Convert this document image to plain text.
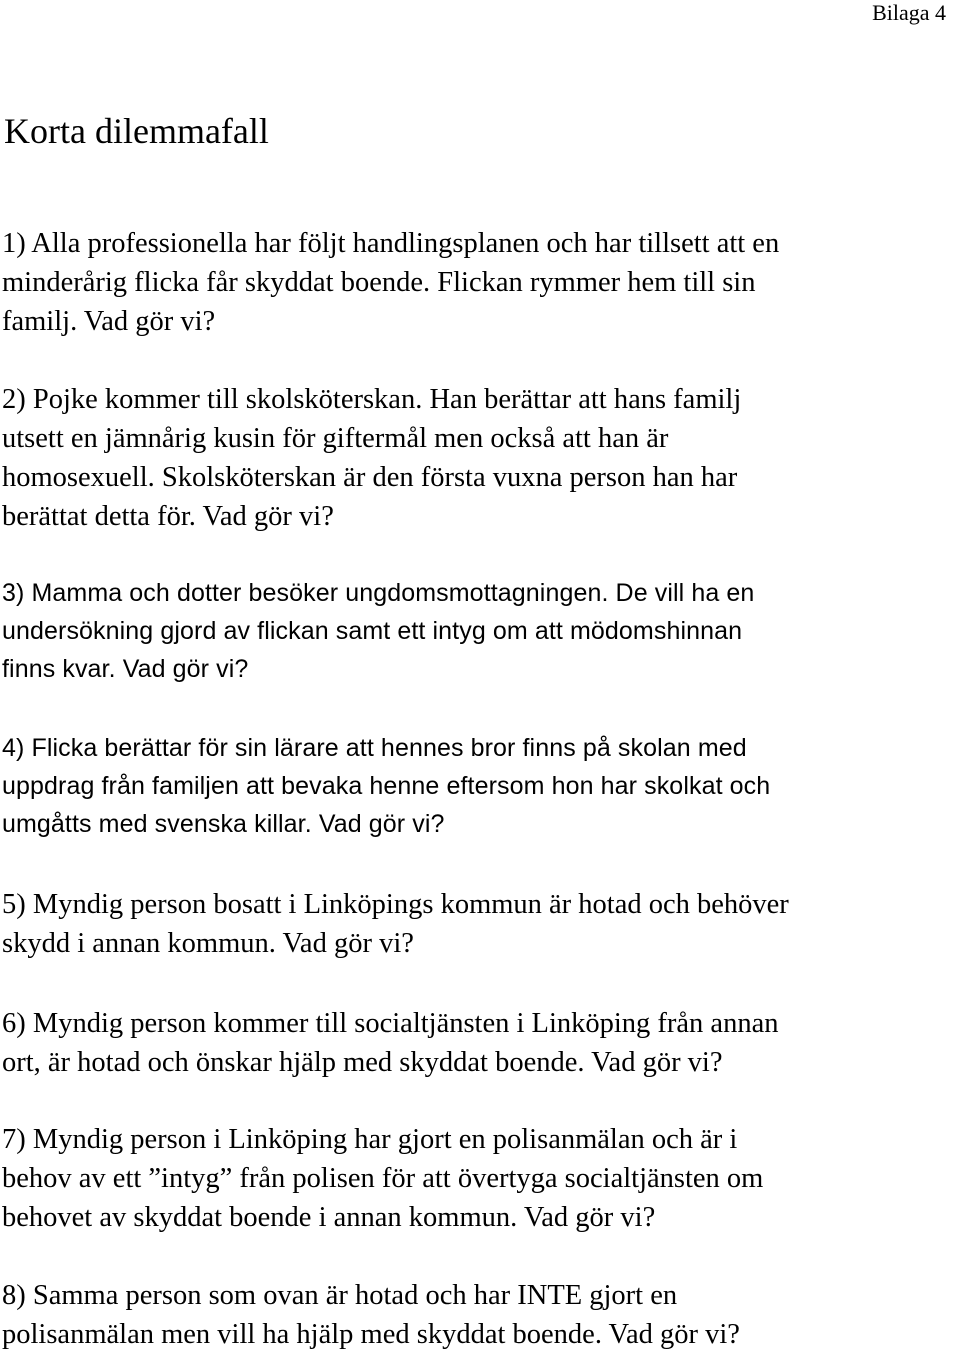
Bilaga 4
Korta dilemmafall

1) Alla professionella har följt handlingsplanen och har tillsett att en
minderårig flicka får skyddat boende. Flickan rymmer hem till sin
familj. Vad gör vi?

2) Pojke kommer till skolsköterskan. Han berättar att hans familj
utsett en jämnårig kusin för giftermål men också att han är
homosexuell. Skolsköterskan är den första vuxna person han har
berättat detta för. Vad gör vi?

3) Mamma och dotter besöker ungdomsmottagningen. De vill ha en
undersökning gjord av flickan samt ett intyg om att mödomshinnan
finns kvar. Vad gör vi?

4) Flicka berättar för sin lärare att hennes bror finns på skolan med
uppdrag från familjen att bevaka henne eftersom hon har skolkat och
umgåtts med svenska killar. Vad gör vi?

5) Myndig person bosatt i Linköpings kommun är hotad och behöver
skydd i annan kommun. Vad gör vi?

6) Myndig person kommer till socialtjänsten i Linköping från annan
ort, är hotad och önskar hjälp med skyddat boende. Vad gör vi?

7) Myndig person i Linköping har gjort en polisanmälan och är i
behov av ett ”intyg” från polisen för att övertyga socialtjänsten om
behovet av skyddat boende i annan kommun. Vad gör vi?

8) Samma person som ovan är hotad och har INTE gjort en
polisanmälan men vill ha hjälp med skyddat boende. Vad gör vi?
